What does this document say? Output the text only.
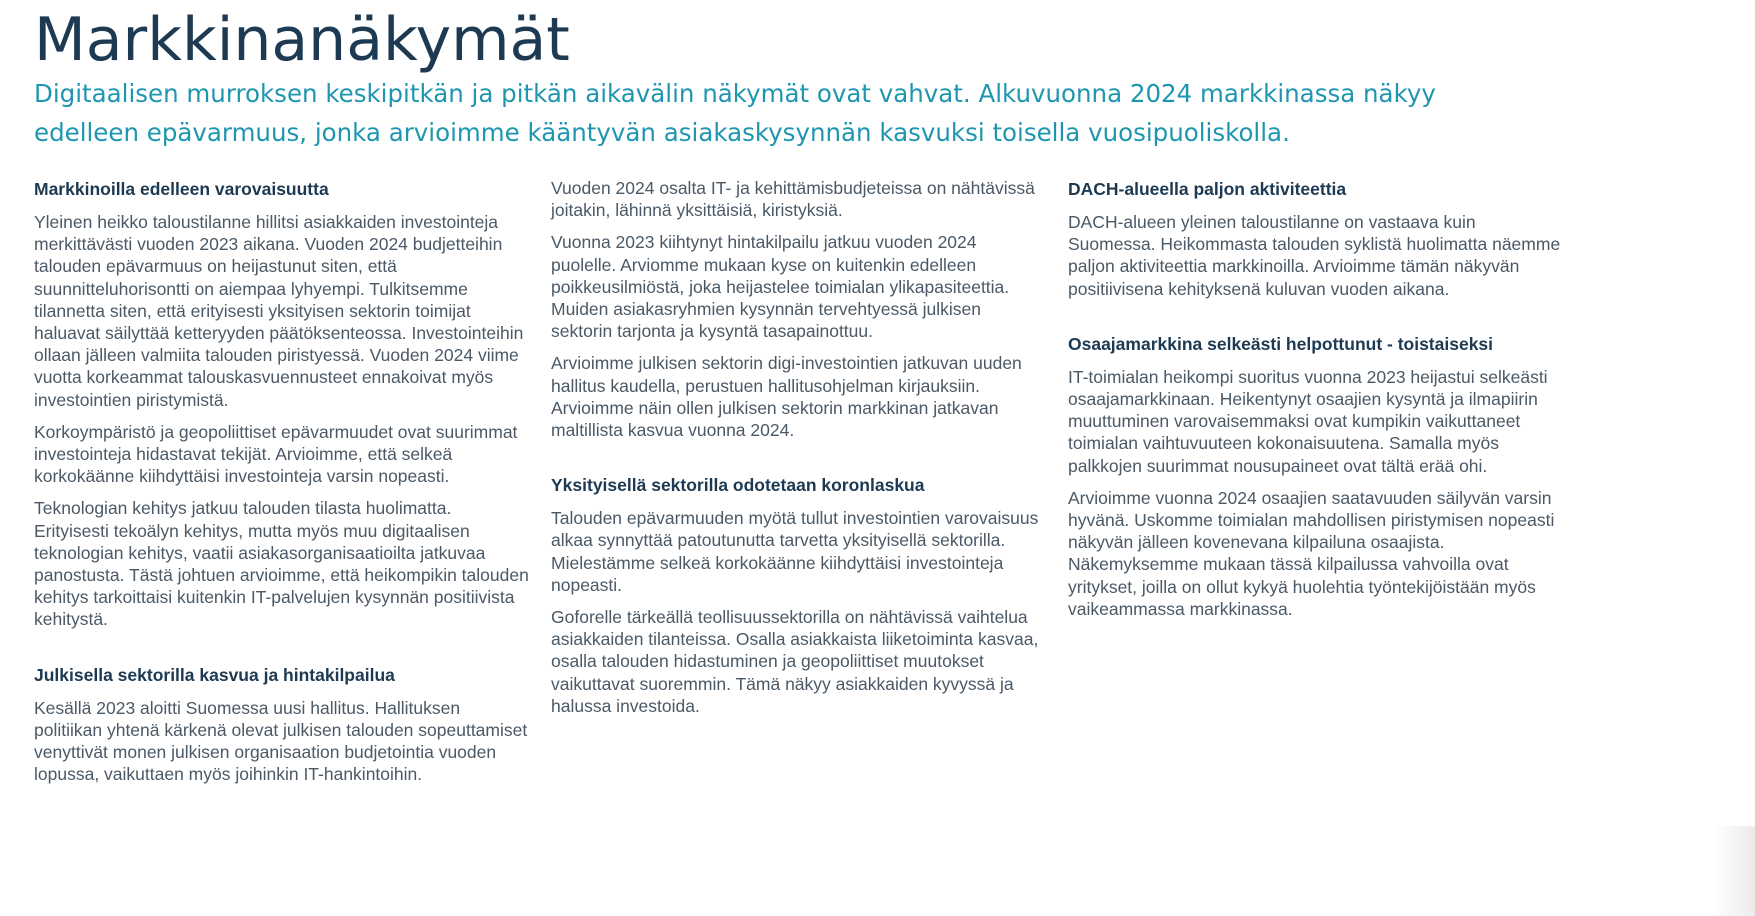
Markkinanäkymät

Digitaalisen murroksen keskipitkän ja pitkän aikavälin näkymät ovat vahvat. Alkuvuonna 2024 markkinassa näkyy edelleen epävarmuus, jonka arvioimme kääntyvän asiakaskysynnän kasvuksi toisella vuosipuoliskolla.

Markkinoilla edelleen varovaisuutta

Yleinen heikko taloustilanne hillitsi asiakkaiden investointeja merkittävästi vuoden 2023 aikana. Vuoden 2024 budjetteihin talouden epävarmuus on heijastunut siten, että suunnitteluhorisontti on aiempaa lyhyempi. Tulkitsemme tilannetta siten, että erityisesti yksityisen sektorin toimijat haluavat säilyttää ketteryyden päätöksenteossa. Investointeihin ollaan jälleen valmiita talouden piristyessä. Vuoden 2024 viime vuotta korkeammat talouskasvuennusteet ennakoivat myös investointien piristymistä.

Korkoympäristö ja geopoliittiset epävarmuudet ovat suurimmat investointeja hidastavat tekijät. Arvioimme, että selkeä korkokäänne kiihdyttäisi investointeja varsin nopeasti.

Teknologian kehitys jatkuu talouden tilasta huolimatta. Erityisesti tekoälyn kehitys, mutta myös muu digitaalisen teknologian kehitys, vaatii asiakasorganisaatioilta jatkuvaa panostusta. Tästä johtuen arvioimme, että heikompikin talouden kehitys tarkoittaisi kuitenkin IT-palvelujen kysynnän positiivista kehitystä.

Julkisella sektorilla kasvua ja hintakilpailua

Kesällä 2023 aloitti Suomessa uusi hallitus. Hallituksen politiikan yhtenä kärkenä olevat julkisen talouden sopeuttamiset venyttivät monen julkisen organisaation budjetointia vuoden lopussa, vaikuttaen myös joihinkin IT-hankintoihin.

Vuoden 2024 osalta IT- ja kehittämisbudjeteissa on nähtävissä joitakin, lähinnä yksittäisiä, kiristyksiä.

Vuonna 2023 kiihtynyt hintakilpailu jatkuu vuoden 2024 puolelle. Arviomme mukaan kyse on kuitenkin edelleen poikkeusilmiöstä, joka heijastelee toimialan ylikapasiteettia. Muiden asiakasryhmien kysynnän tervehtyessä julkisen sektorin tarjonta ja kysyntä tasapainottuu.

Arvioimme julkisen sektorin digi-investointien jatkuvan uuden hallitus kaudella, perustuen hallitusohjelman kirjauksiin. Arvioimme näin ollen julkisen sektorin markkinan jatkavan maltillista kasvua vuonna 2024.

Yksityisellä sektorilla odotetaan koronlaskua

Talouden epävarmuuden myötä tullut investointien varovaisuus alkaa synnyttää patoutunutta tarvetta yksityisellä sektorilla. Mielestämme selkeä korkokäänne kiihdyttäisi investointeja nopeasti.

Goforelle tärkeällä teollisuussektorilla on nähtävissä vaihtelua asiakkaiden tilanteissa. Osalla asiakkaista liiketoiminta kasvaa, osalla talouden hidastuminen ja geopoliittiset muutokset vaikuttavat suoremmin. Tämä näkyy asiakkaiden kyvyssä ja halussa investoida.

DACH-alueella paljon aktiviteettia

DACH-alueen yleinen taloustilanne on vastaava kuin Suomessa. Heikommasta talouden syklistä huolimatta näemme paljon aktiviteettia markkinoilla. Arvioimme tämän näkyvän positiivisena kehityksenä kuluvan vuoden aikana.

Osaajamarkkina selkeästi helpottunut - toistaiseksi

IT-toimialan heikompi suoritus vuonna 2023 heijastui selkeästi osaajamarkkinaan. Heikentynyt osaajien kysyntä ja ilmapiirin muuttuminen varovaisemmaksi ovat kumpikin vaikuttaneet toimialan vaihtuvuuteen kokonaisuutena. Samalla myös palkkojen suurimmat nousupaineet ovat tältä erää ohi.

Arvioimme vuonna 2024 osaajien saatavuuden säilyvän varsin hyvänä. Uskomme toimialan mahdollisen piristymisen nopeasti näkyvän jälleen kovenevana kilpailuna osaajista. Näkemyksemme mukaan tässä kilpailussa vahvoilla ovat yritykset, joilla on ollut kykyä huolehtia työntekijöistään myös vaikeammassa markkinassa.
